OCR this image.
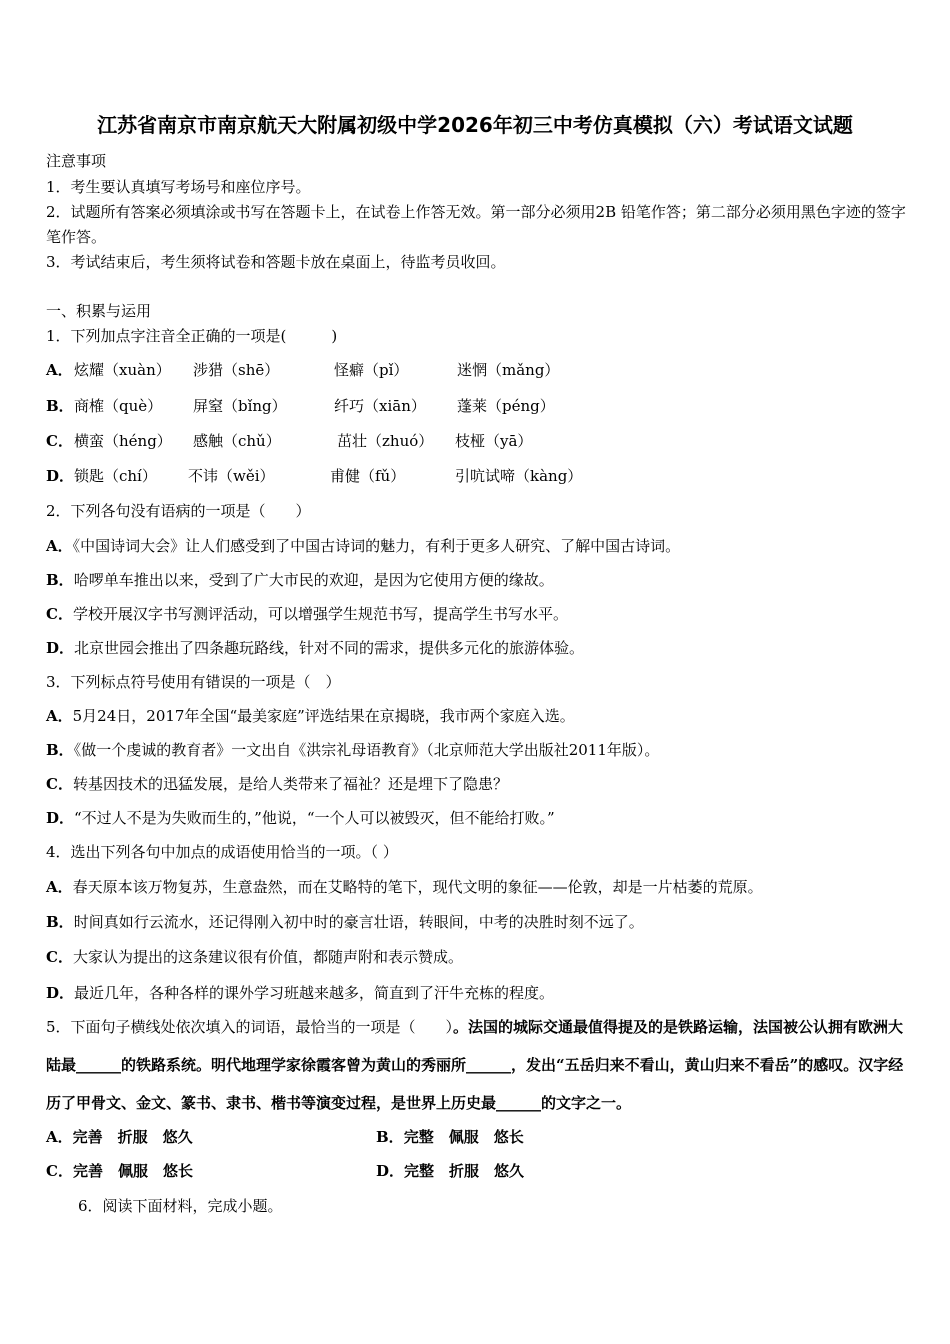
江苏省南京市南京航天大附属初级中学2026年初三中考仿真模拟（六）考试语文试题
注意事项
1．考生要认真填写考场号和座位序号。
2．试题所有答案必须填涂或书写在答题卡上，在试卷上作答无效。第一部分必须用2B 铅笔作答；第二部分必须用黑色字迹的签字笔作答。
3．考试结束后，考生须将试卷和答题卡放在桌面上，待监考员收回。
一、积累与运用
1．下列加点字注音全正确的一项是(　　　)
A． 炫耀（xuàn） 涉猎（shē）	怪癖（pǐ）	迷惘（mǎng）
B． 商榷（què） 屏窒（bǐng）	纤巧（xiān） 蓬莱（péng）
C． 横蛮（héng） 感触（chǔ）	茁壮（zhuó） 枝桠（yā）
D． 锁匙（chí） 不讳（wěi）	甫健（fǔ）	引吭试啼（kàng）
2．下列各句没有语病的一项是（　　）
A．《中国诗词大会》让人们感受到了中国古诗词的魅力，有利于更多人研究、了解中国古诗词。
B．哈啰单车推出以来，受到了广大市民的欢迎，是因为它使用方便的缘故。
C．学校开展汉字书写测评活动，可以增强学生规范书写，提高学生书写水平。
D．北京世园会推出了四条趣玩路线，针对不同的需求，提供多元化的旅游体验。
3．下列标点符号使用有错误的一项是（　）
A．5月24日，2017年全国“最美家庭”评选结果在京揭晓，我市两个家庭入选。
B．《做一个虔诚的教育者》一文出自《洪宗礼母语教育》（北京师范大学出版社2011年版）。
C．转基因技术的迅猛发展，是给人类带来了福祉？还是埋下了隐患？
D．“不过人不是为失败而生的，”他说，“一个人可以被毁灭，但不能给打败。”
4．选出下列各句中加点的成语使用恰当的一项。（ ）
A．春天原本该万物复苏，生意盎然，而在艾略特的笔下，现代文明的象征——伦敦，却是一片枯萎的荒原。
B．时间真如行云流水，还记得刚入初中时的豪言壮语，转眼间，中考的决胜时刻不远了。
C．大家认为提出的这条建议很有价值，都随声附和表示赞成。
D．最近几年，各种各样的课外学习班越来越多，简直到了汗牛充栋的程度。
5．下面句子横线处依次填入的词语，最恰当的一项是（　　）。法国的城际交通最值得提及的是铁路运输，法国被公认拥有欧洲大陆最______的铁路系统。明代地理学家徐霞客曾为黄山的秀丽所______，发出“五岳归来不看山，黄山归来不看岳”的感叹。汉字经历了甲骨文、金文、篆书、隶书、楷书等演变过程，是世界上历史最______的文字之一。
A．完善　折服　悠久	B．完整　佩服　悠长
C．完善　佩服　悠长	D．完整　折服　悠久
6．阅读下面材料，完成小题。
